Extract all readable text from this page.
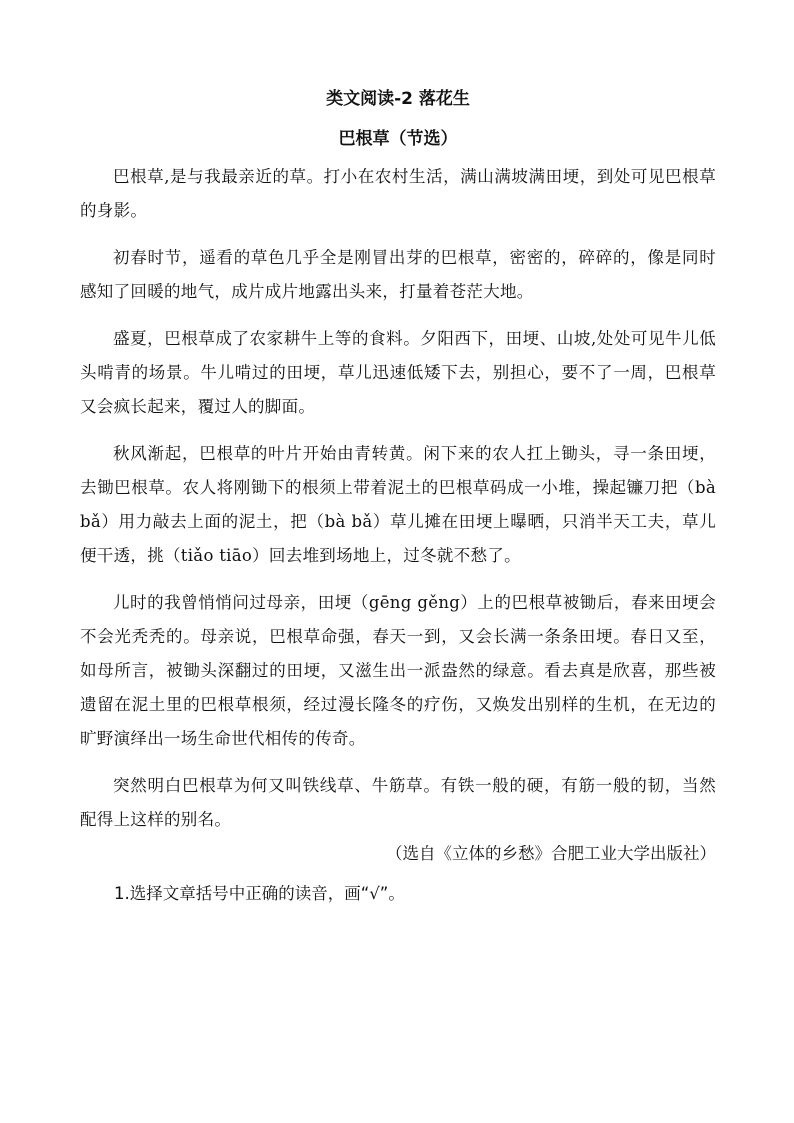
类文阅读-2 落花生
巴根草（节选）

巴根草,是与我最亲近的草。打小在农村生活，满山满坡满田埂，到处可见巴根草的身影。

初春时节，遥看的草色几乎全是刚冒出芽的巴根草，密密的，碎碎的，像是同时感知了回暖的地气，成片成片地露出头来，打量着苍茫大地。

盛夏，巴根草成了农家耕牛上等的食料。夕阳西下，田埂、山坡,处处可见牛儿低头啃青的场景。牛儿啃过的田埂，草儿迅速低矮下去，别担心，要不了一周，巴根草又会疯长起来，覆过人的脚面。

秋风渐起，巴根草的叶片开始由青转黄。闲下来的农人扛上锄头，寻一条田埂，去锄巴根草。农人将刚锄下的根须上带着泥土的巴根草码成一小堆，操起镰刀把（bà bǎ）用力敲去上面的泥土，把（bà bǎ）草儿摊在田埂上曝晒，只消半天工夫，草儿便干透，挑（tiǎo tiāo）回去堆到场地上，过冬就不愁了。

儿时的我曾悄悄问过母亲，田埂（gēng gěng）上的巴根草被锄后，春来田埂会不会光秃秃的。母亲说，巴根草命强，春天一到，又会长满一条条田埂。春日又至，如母所言，被锄头深翻过的田埂，又滋生出一派盎然的绿意。看去真是欣喜，那些被遗留在泥土里的巴根草根须，经过漫长隆冬的疗伤，又焕发出别样的生机，在无边的旷野演绎出一场生命世代相传的传奇。

突然明白巴根草为何又叫铁线草、牛筋草。有铁一般的硬，有筋一般的韧，当然配得上这样的别名。

（选自《立体的乡愁》合肥工业大学出版社）

1.选择文章括号中正确的读音，画“√”。
